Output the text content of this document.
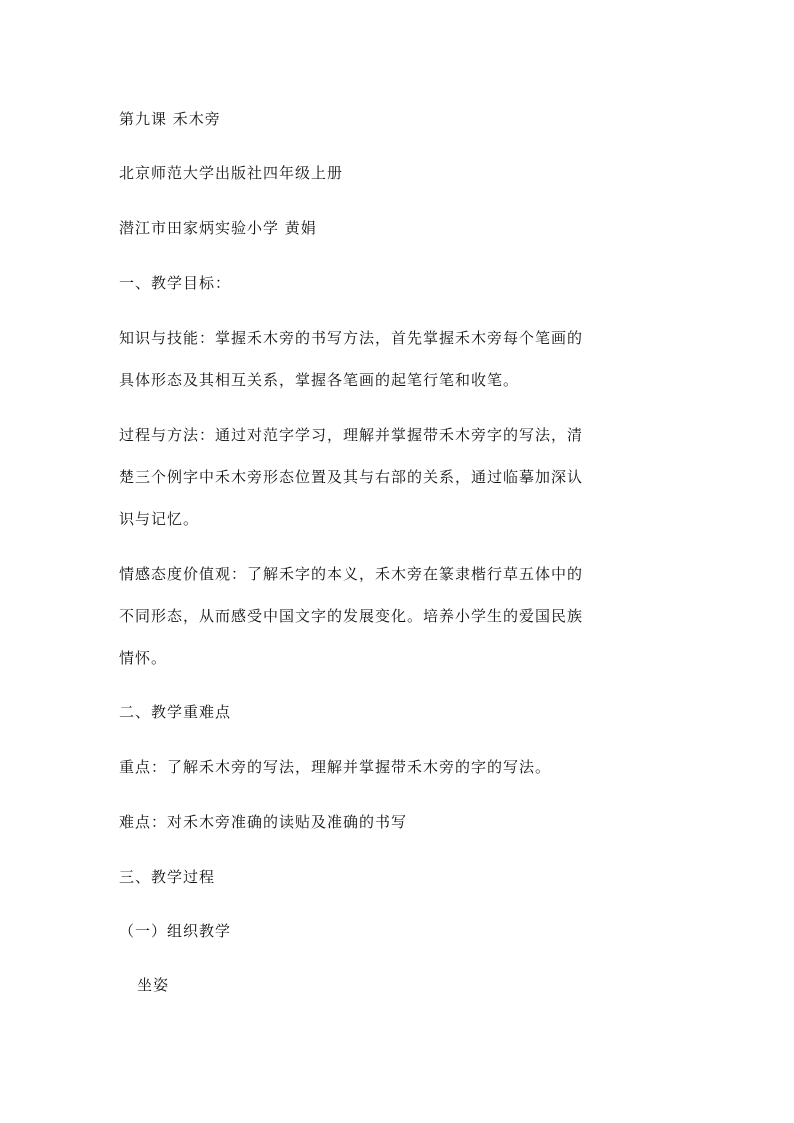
第九课 禾木旁
北京师范大学出版社四年级上册
潜江市田家炳实验小学 黄娟
一、教学目标：
知识与技能：掌握禾木旁的书写方法，首先掌握禾木旁每个笔画的
具体形态及其相互关系，掌握各笔画的起笔行笔和收笔。
过程与方法：通过对范字学习，理解并掌握带禾木旁字的写法，清
楚三个例字中禾木旁形态位置及其与右部的关系，通过临摹加深认
识与记忆。
情感态度价值观：了解禾字的本义，禾木旁在篆隶楷行草五体中的
不同形态，从而感受中国文字的发展变化。培养小学生的爱国民族
情怀。
二、教学重难点
重点：了解禾木旁的写法，理解并掌握带禾木旁的字的写法。
难点：对禾木旁准确的读贴及准确的书写
三、教学过程
（一）组织教学
坐姿
